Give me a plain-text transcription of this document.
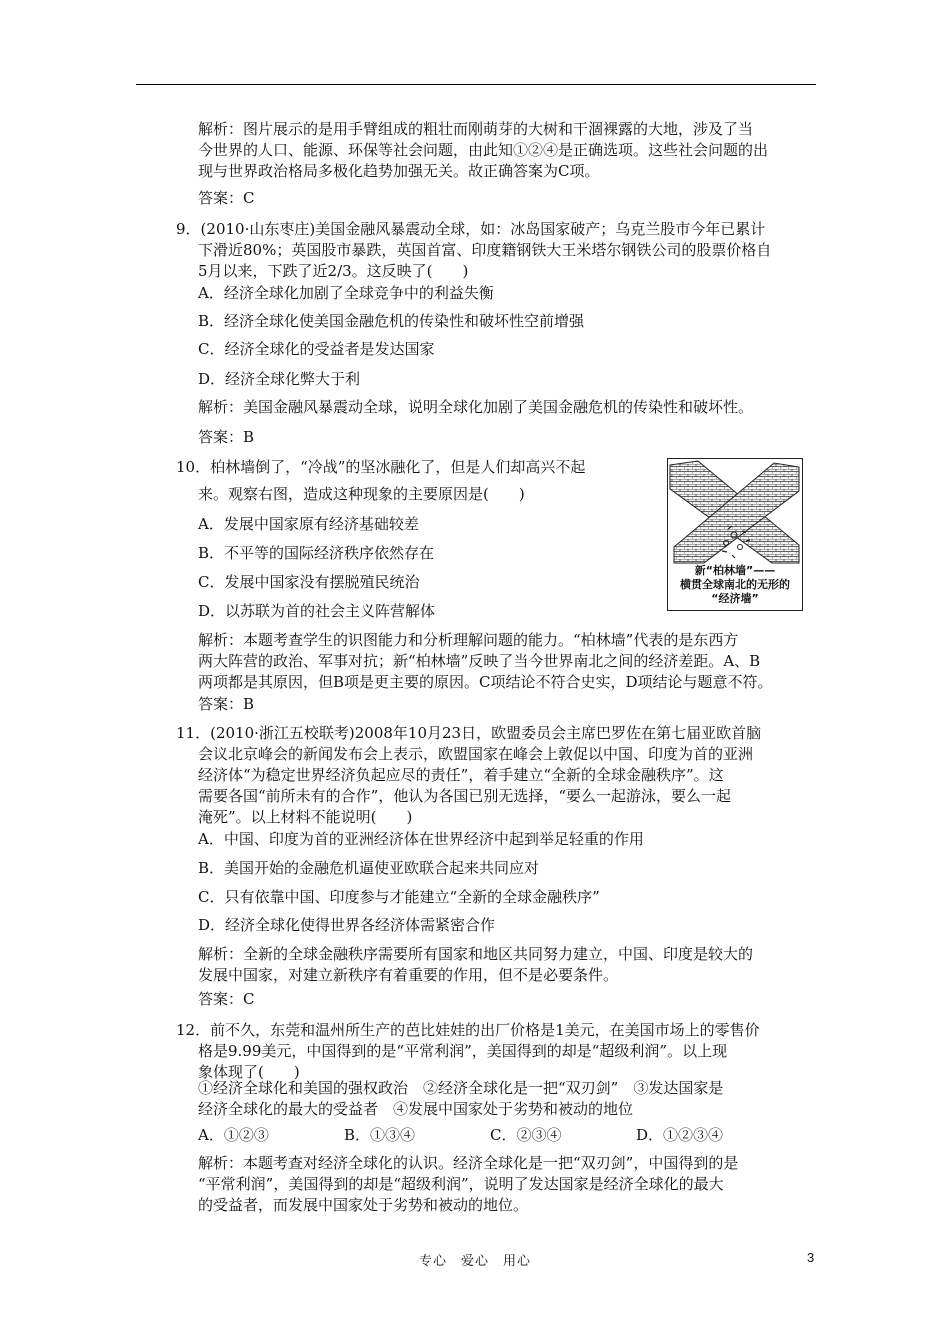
解析：图片展示的是用手臂组成的粗壮而刚萌芽的大树和干涸裸露的大地，涉及了当
今世界的人口、能源、环保等社会问题，由此知①②④是正确选项。这些社会问题的出
现与世界政治格局多极化趋势加强无关。故正确答案为C项。
答案：C
9．(2010·山东枣庄)美国金融风暴震动全球，如：冰岛国家破产；乌克兰股市今年已累计
下滑近80%；英国股市暴跌，英国首富、印度籍钢铁大王米塔尔钢铁公司的股票价格自
5月以来，下跌了近2/3。这反映了(　　)
A．经济全球化加剧了全球竞争中的利益失衡
B．经济全球化使美国金融危机的传染性和破坏性空前增强
C．经济全球化的受益者是发达国家
D．经济全球化弊大于利
解析：美国金融风暴震动全球，说明全球化加剧了美国金融危机的传染性和破坏性。
答案：B
10．柏林墙倒了，“冷战”的坚冰融化了，但是人们却高兴不起
来。观察右图，造成这种现象的主要原因是(　　)
A．发展中国家原有经济基础较差
B．不平等的国际经济秩序依然存在
C．发展中国家没有摆脱殖民统治
D．以苏联为首的社会主义阵营解体
新“柏林墙”——
横贯全球南北的无形的
“经济墙”
解析：本题考查学生的识图能力和分析理解问题的能力。“柏林墙”代表的是东西方
两大阵营的政治、军事对抗；新“柏林墙”反映了当今世界南北之间的经济差距。A、B
两项都是其原因，但B项是更主要的原因。C项结论不符合史实，D项结论与题意不符。
答案：B
11．(2010·浙江五校联考)2008年10月23日，欧盟委员会主席巴罗佐在第七届亚欧首脑
会议北京峰会的新闻发布会上表示，欧盟国家在峰会上敦促以中国、印度为首的亚洲
经济体“为稳定世界经济负起应尽的责任”，着手建立“全新的全球金融秩序”。这
需要各国“前所未有的合作”，他认为各国已别无选择，“要么一起游泳，要么一起
淹死”。以上材料不能说明(　　)
A．中国、印度为首的亚洲经济体在世界经济中起到举足轻重的作用
B．美国开始的金融危机逼使亚欧联合起来共同应对
C．只有依靠中国、印度参与才能建立“全新的全球金融秩序”
D．经济全球化使得世界各经济体需紧密合作
解析：全新的全球金融秩序需要所有国家和地区共同努力建立，中国、印度是较大的
发展中国家，对建立新秩序有着重要的作用，但不是必要条件。
答案：C
12．前不久，东莞和温州所生产的芭比娃娃的出厂价格是1美元，在美国市场上的零售价
格是9.99美元，中国得到的是“平常利润”，美国得到的却是“超级利润”。以上现
象体现了(　　)
①经济全球化和美国的强权政治　②经济全球化是一把“双刃剑”　③发达国家是
经济全球化的最大的受益者　④发展中国家处于劣势和被动的地位
A．①②③	B．①③④	C．②③④	D．①②③④
解析：本题考查对经济全球化的认识。经济全球化是一把“双刃剑”，中国得到的是
“平常利润”，美国得到的却是“超级利润”，说明了发达国家是经济全球化的最大
的受益者，而发展中国家处于劣势和被动的地位。
专心　爱心　用心	3
